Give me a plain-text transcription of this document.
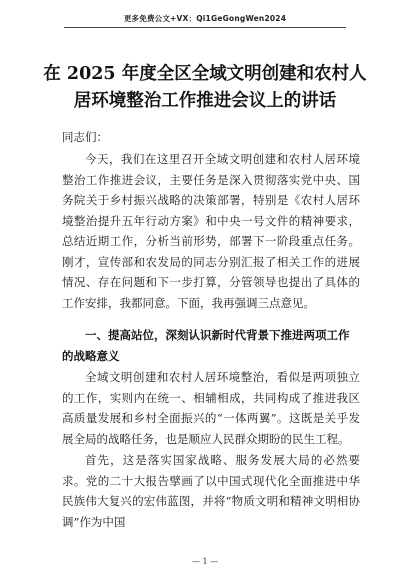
更多免费公文+VX：Qi1GeGongWen2024
在 2025 年度全区全域文明创建和农村人居环境整治工作推进会议上的讲话

同志们：

今天，我们在这里召开全域文明创建和农村人居环境整治工作推进会议，主要任务是深入贯彻落实党中央、国务院关于乡村振兴战略的决策部署，特别是《农村人居环境整治提升五年行动方案》和中央一号文件的精神要求，总结近期工作，分析当前形势，部署下一阶段重点任务。刚才，宣传部和农发局的同志分别汇报了相关工作的进展情况、存在问题和下一步打算，分管领导也提出了具体的工作安排，我都同意。下面，我再强调三点意见。

一、提高站位，深刻认识新时代背景下推进两项工作的战略意义

全域文明创建和农村人居环境整治，看似是两项独立的工作，实则内在统一、相辅相成，共同构成了推进我区高质量发展和乡村全面振兴的“一体两翼”。这既是关乎发展全局的战略任务，也是顺应人民群众期盼的民生工程。

首先，这是落实国家战略、服务发展大局的必然要求。党的二十大报告擘画了以中国式现代化全面推进中华民族伟大复兴的宏伟蓝图，并将“物质文明和精神文明相协调”作为中国

— 1 —
